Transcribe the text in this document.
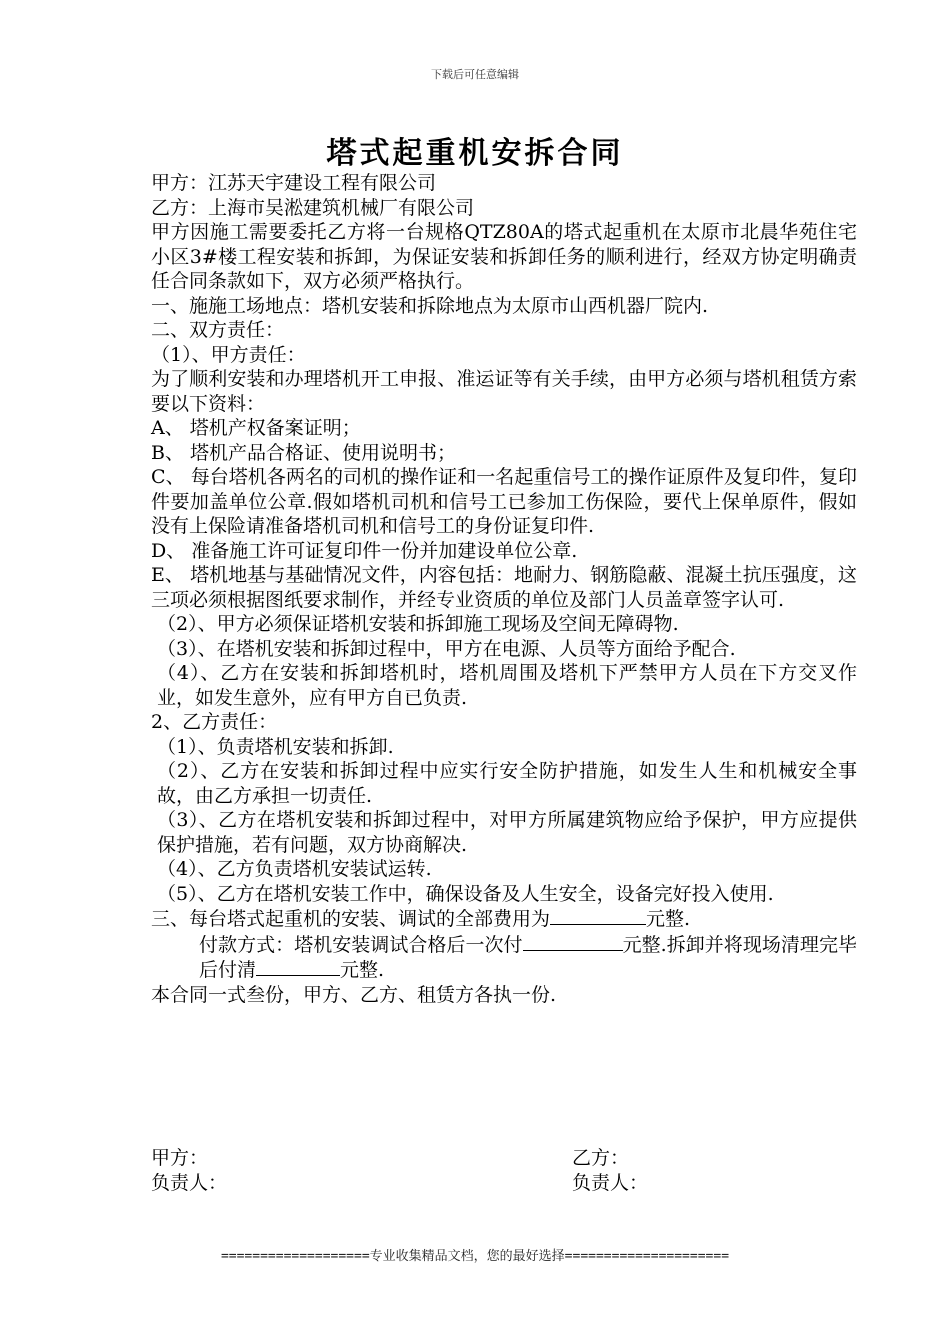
下载后可任意编辑
塔式起重机安拆合同

甲方：江苏天宇建设工程有限公司

乙方：上海市吴淞建筑机械厂有限公司

甲方因施工需要委托乙方将一台规格QTZ80A的塔式起重机在太原市北晨华苑住宅小区3#楼工程安装和拆卸，为保证安装和拆卸任务的顺利进行，经双方协定明确责任合同条款如下，双方必须严格执行。

一、施施工场地点：塔机安装和拆除地点为太原市山西机器厂院内.

二、双方责任：

（1）、甲方责任：

为了顺利安装和办理塔机开工申报、准运证等有关手续，由甲方必须与塔机租赁方索要以下资料：

A、 塔机产权备案证明；

B、 塔机产品合格证、使用说明书；

C、 每台塔机各两名的司机的操作证和一名起重信号工的操作证原件及复印件，复印件要加盖单位公章.假如塔机司机和信号工已参加工伤保险，要代上保单原件，假如没有上保险请准备塔机司机和信号工的身份证复印件.

D、 准备施工许可证复印件一份并加建设单位公章.

E、 塔机地基与基础情况文件，内容包括：地耐力、钢筋隐蔽、混凝土抗压强度，这三项必须根据图纸要求制作，并经专业资质的单位及部门人员盖章签字认可.

（2）、甲方必须保证塔机安装和拆卸施工现场及空间无障碍物.

（3）、在塔机安装和拆卸过程中，甲方在电源、人员等方面给予配合.

（4）、乙方在安装和拆卸塔机时，塔机周围及塔机下严禁甲方人员在下方交叉作业，如发生意外，应有甲方自已负责.

2、乙方责任：

（1）、负责塔机安装和拆卸.

（2）、乙方在安装和拆卸过程中应实行安全防护措施，如发生人生和机械安全事故，由乙方承担一切责任.

（3）、乙方在塔机安装和拆卸过程中，对甲方所属建筑物应给予保护，甲方应提供保护措施，若有问题，双方协商解决.

（4）、乙方负责塔机安装试运转.

（5）、乙方在塔机安装工作中，确保设备及人生安全，设备完好投入使用.

三、每台塔式起重机的安装、调试的全部费用为	元整.

付款方式：塔机安装调试合格后一次付	元整.拆卸并将现场清理完毕后付清	元整.

本合同一式叁份，甲方、乙方、租赁方各执一份.

甲方：

负责人：

乙方：

负责人：

===================专业收集精品文档，您的最好选择=====================
